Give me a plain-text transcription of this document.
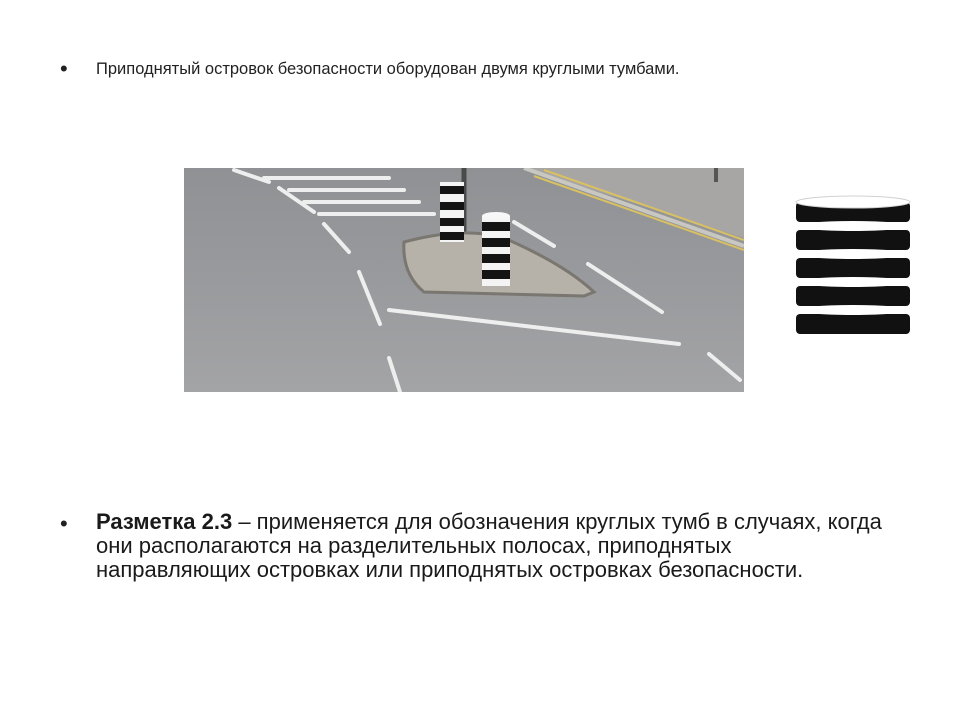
•	Приподнятый островок безопасности оборудован двумя круглыми тумбами.
•	Разметка 2.3 – применяется для обозначения круглых тумб в случаях, когда они располагаются на разделительных полосах, приподнятых направляющих островках или приподнятых островках безопасности.
